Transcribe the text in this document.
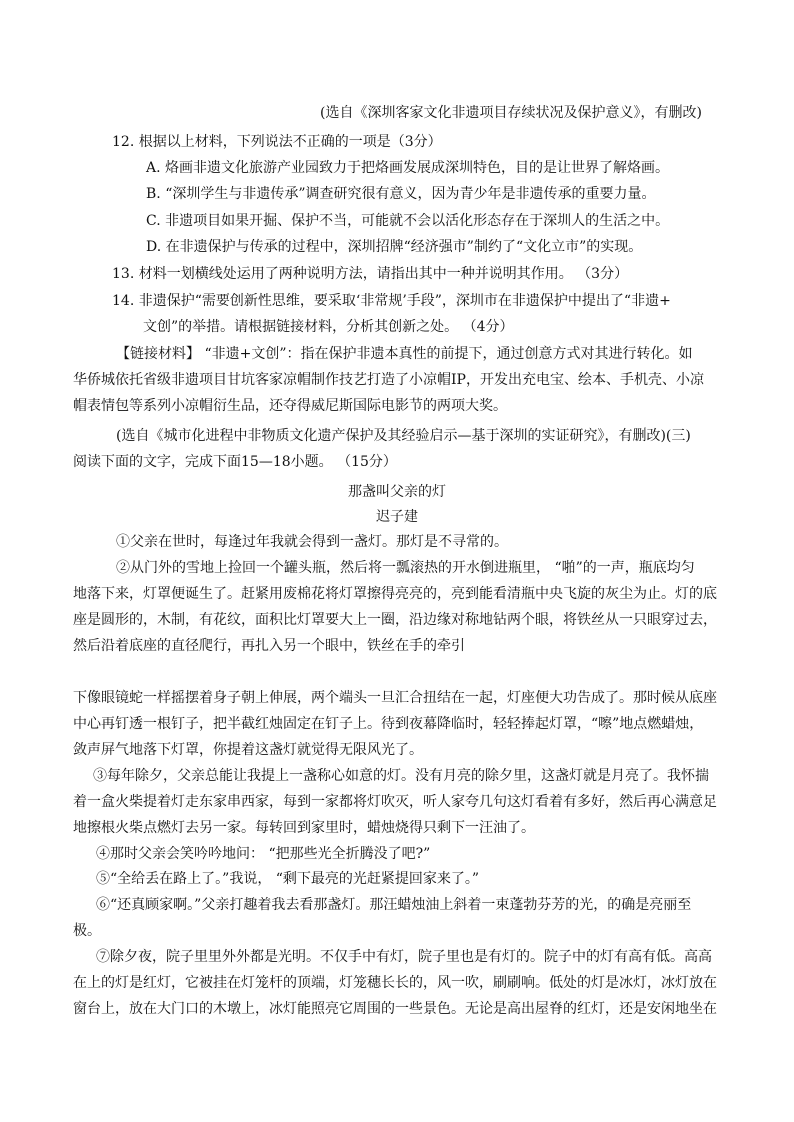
(选自《深圳客家文化非遗项目存续状况及保护意义》，有删改)
12. 根据以上材料，下列说法不正确的一项是（3分）
A. 烙画非遗文化旅游产业园致力于把烙画发展成深圳特色，目的是让世界了解烙画。
B. “深圳学生与非遗传承”调查研究很有意义，因为青少年是非遗传承的重要力量。
C. 非遗项目如果开掘、保护不当，可能就不会以活化形态存在于深圳人的生活之中。
D. 在非遗保护与传承的过程中，深圳招牌“经济强市”制约了“文化立市”的实现。
13. 材料一划横线处运用了两种说明方法，请指出其中一种并说明其作用。 （3分）
14. 非遗保护“需要创新性思维，要采取‘非常规’手段”，深圳市在非遗保护中提出了“非遗+
文创”的举措。请根据链接材料，分析其创新之处。 （4分）
【链接材料】 “非遗+文创”：指在保护非遗本真性的前提下，通过创意方式对其进行转化。如
华侨城依托省级非遗项目甘坑客家凉帽制作技艺打造了小凉帽IP，开发出充电宝、绘本、手机壳、小凉
帽表情包等系列小凉帽衍生品，还夺得威尼斯国际电影节的两项大奖。
(选自《城市化进程中非物质文化遗产保护及其经验启示—基于深圳的实证研究》，有删改)(三)
阅读下面的文字，完成下面15—18小题。 （15分）
那盏叫父亲的灯
迟子建
①父亲在世时，每逢过年我就会得到一盏灯。那灯是不寻常的。
②从门外的雪地上捡回一个罐头瓶，然后将一瓢滚热的开水倒进瓶里， “啪”的一声，瓶底均匀
地落下来，灯罩便诞生了。赶紧用废棉花将灯罩擦得亮亮的，亮到能看清瓶中央飞旋的灰尘为止。灯的底
座是圆形的，木制，有花纹，面积比灯罩要大上一圈，沿边缘对称地钻两个眼，将铁丝从一只眼穿过去，
然后沿着底座的直径爬行，再扎入另一个眼中，铁丝在手的牵引
下像眼镜蛇一样摇摆着身子朝上伸展，两个端头一旦汇合扭结在一起，灯座便大功告成了。那时候从底座
中心再钉透一根钉子，把半截红烛固定在钉子上。待到夜幕降临时，轻轻捧起灯罩，“嚓”地点燃蜡烛，
敛声屏气地落下灯罩，你提着这盏灯就觉得无限风光了。
③每年除夕，父亲总能让我提上一盏称心如意的灯。没有月亮的除夕里，这盏灯就是月亮了。我怀揣
着一盒火柴提着灯走东家串西家，每到一家都将灯吹灭，听人家夸几句这灯看着有多好，然后再心满意足
地擦根火柴点燃灯去另一家。每转回到家里时，蜡烛烧得只剩下一汪油了。
④那时父亲会笑吟吟地问： “把那些光全折腾没了吧?”
⑤“全给丢在路上了。”我说， “剩下最亮的光赶紧提回家来了。”
⑥“还真顾家啊。”父亲打趣着我去看那盏灯。那汪蜡烛油上斜着一束蓬勃芬芳的光，的确是亮丽至
极。
⑦除夕夜，院子里里外外都是光明。不仅手中有灯，院子里也是有灯的。院子中的灯有高有低。高高
在上的灯是红灯，它被挂在灯笼杆的顶端，灯笼穗长长的，风一吹，刷刷响。低处的灯是冰灯，冰灯放在
窗台上，放在大门口的木墩上，冰灯能照亮它周围的一些景色。无论是高出屋脊的红灯，还是安闲地坐在
